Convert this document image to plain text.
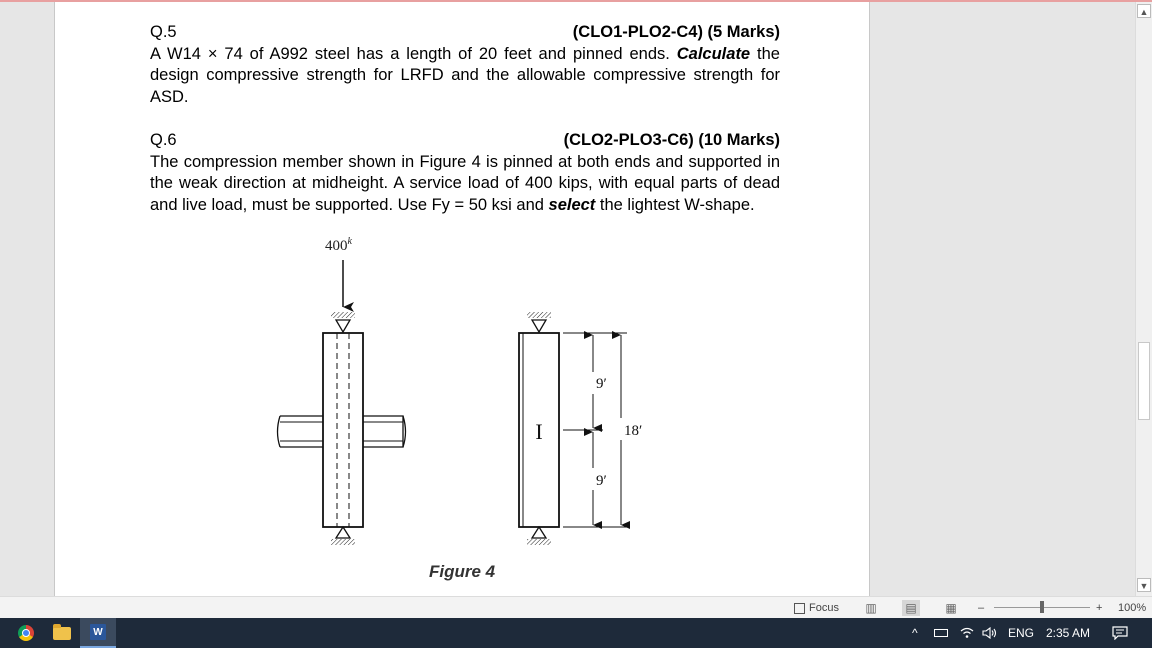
Q.5	(CLO1-PLO2-C4) (5 Marks)

A W14 × 74 of A992 steel has a length of 20 feet and pinned ends. Calculate the design compressive strength for LRFD and the allowable compressive strength for ASD.

Q.6	(CLO2-PLO3-C6) (10 Marks)

The compression member shown in Figure 4 is pinned at both ends and supported in the weak direction at midheight. A service load of 400 kips, with equal parts of dead and live load, must be supported. Use Fy = 50 ksi and select the lightest W-shape.

400$^k$
I
9′
9′
18′
Figure 4
▲
▼
Focus ▥ ▤ ▦	–	+ 100%
W	^	ENG 2:35 AM
